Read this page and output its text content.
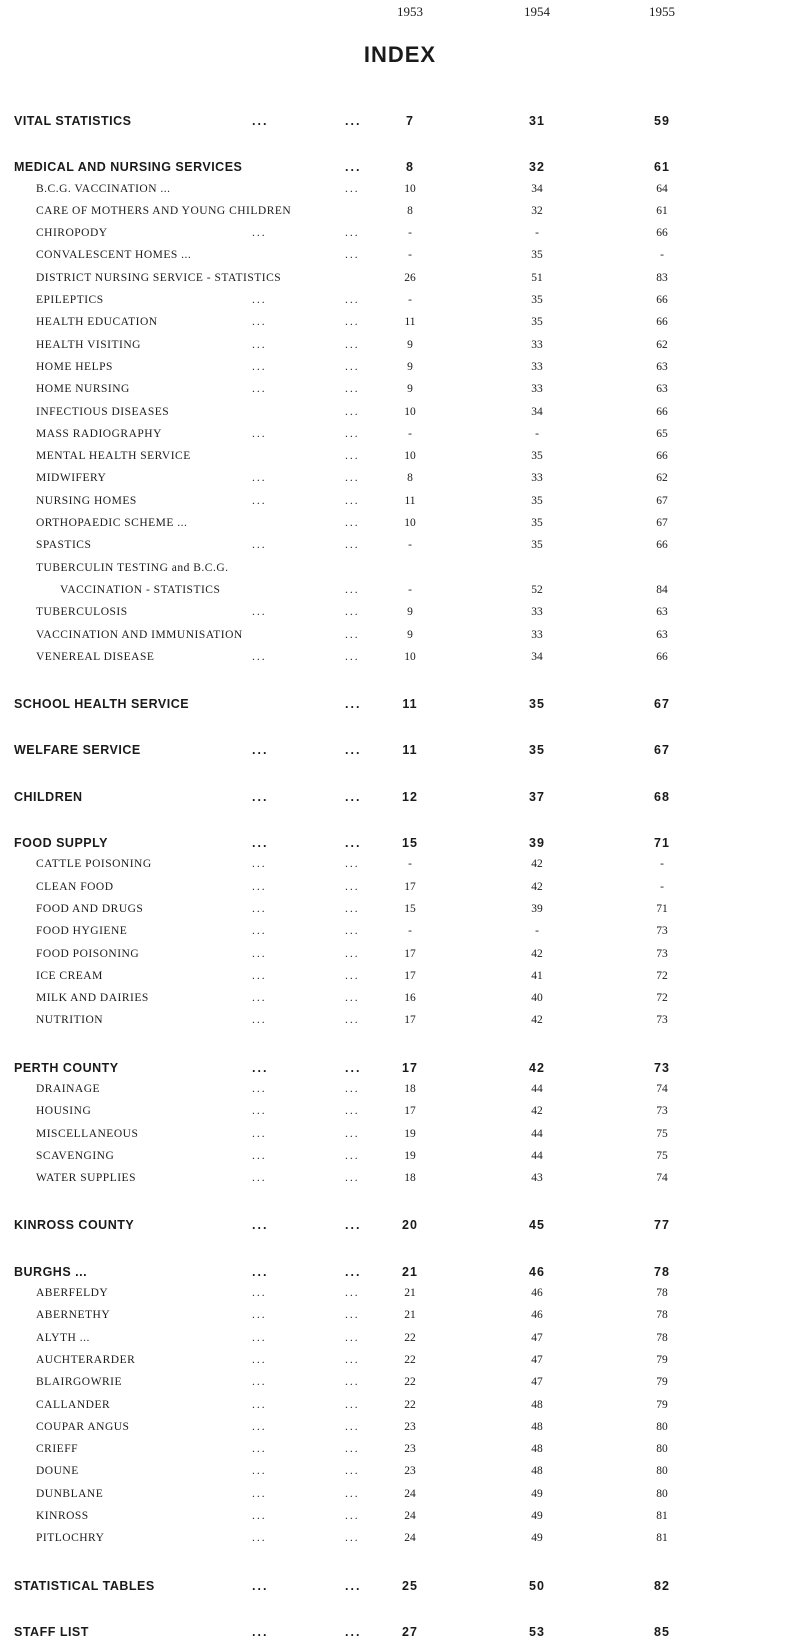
INDEX
1953	1954	1955
VITAL STATISTICS	...	...	7	31	59
MEDICAL AND NURSING SERVICES	...	8	32	61
B.C.G. VACCINATION ...	...	10	34	64
CARE OF MOTHERS AND YOUNG CHILDREN	8	32	61
CHIROPODY	...	...	-	-	66
CONVALESCENT HOMES ...	...	-	35	-
DISTRICT NURSING SERVICE - STATISTICS	26	51	83
EPILEPTICS	...	...	-	35	66
HEALTH EDUCATION	...	...	11	35	66
HEALTH VISITING	...	...	9	33	62
HOME HELPS	...	...	9	33	63
HOME NURSING	...	...	9	33	63
INFECTIOUS DISEASES	...	10	34	66
MASS RADIOGRAPHY	...	...	-	-	65
MENTAL HEALTH SERVICE	...	10	35	66
MIDWIFERY	...	...	8	33	62
NURSING HOMES	...	...	11	35	67
ORTHOPAEDIC SCHEME ...	...	10	35	67
SPASTICS	...	...	-	35	66
TUBERCULIN TESTING and B.C.G.
VACCINATION - STATISTICS	...	-	52	84
TUBERCULOSIS	...	...	9	33	63
VACCINATION AND IMMUNISATION	...	9	33	63
VENEREAL DISEASE	...	...	10	34	66
SCHOOL HEALTH SERVICE	...	11	35	67
WELFARE SERVICE	...	...	11	35	67
CHILDREN	...	...	12	37	68
FOOD SUPPLY	...	...	15	39	71
CATTLE POISONING	...	...	-	42	-
CLEAN FOOD	...	...	17	42	-
FOOD AND DRUGS	...	...	15	39	71
FOOD HYGIENE	...	...	-	-	73
FOOD POISONING	...	...	17	42	73
ICE CREAM	...	...	17	41	72
MILK AND DAIRIES	...	...	16	40	72
NUTRITION	...	...	17	42	73
PERTH COUNTY	...	...	17	42	73
DRAINAGE	...	...	18	44	74
HOUSING	...	...	17	42	73
MISCELLANEOUS	...	...	19	44	75
SCAVENGING	...	...	19	44	75
WATER SUPPLIES	...	...	18	43	74
KINROSS COUNTY	...	...	20	45	77
BURGHS ...	...	...	21	46	78
ABERFELDY	...	...	21	46	78
ABERNETHY	...	...	21	46	78
ALYTH ...	...	...	22	47	78
AUCHTERARDER	...	...	22	47	79
BLAIRGOWRIE	...	...	22	47	79
CALLANDER	...	...	22	48	79
COUPAR ANGUS	...	...	23	48	80
CRIEFF	...	...	23	48	80
DOUNE	...	...	23	48	80
DUNBLANE	...	...	24	49	80
KINROSS	...	...	24	49	81
PITLOCHRY	...	...	24	49	81
STATISTICAL TABLES	...	...	25	50	82
STAFF LIST	...	...	27	53	85
